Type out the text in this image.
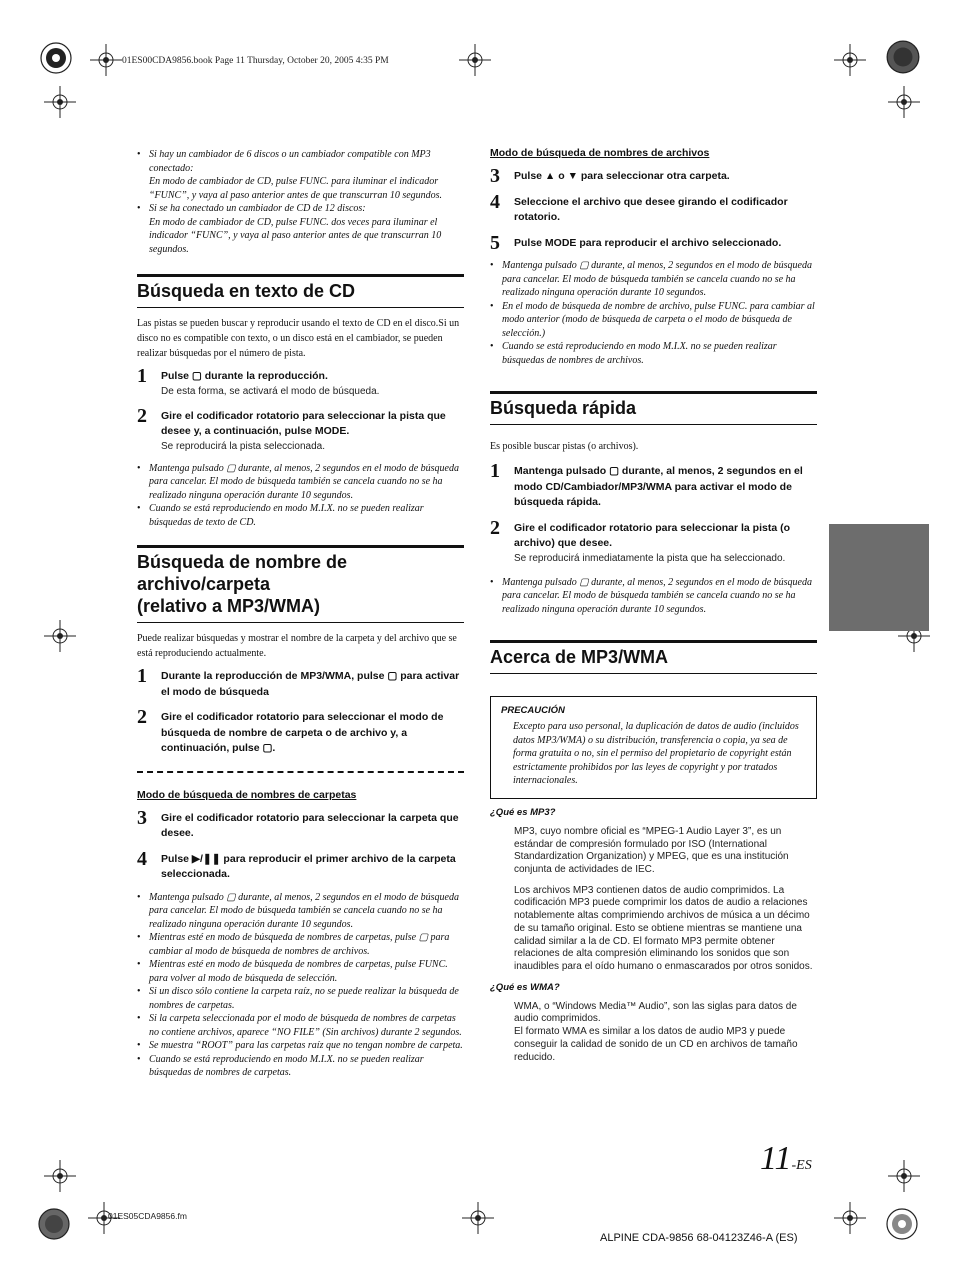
01ES00CDA9856.book Page 11 Thursday, October 20, 2005 4:35 PM

• Si hay un cambiador de 6 discos o un cambiador compatible con MP3 conectado:

En modo de cambiador de CD, pulse FUNC. para iluminar el indicador “FUNC”, y vaya al paso anterior antes de que transcurran 10 segundos.

• Si se ha conectado un cambiador de CD de 12 discos:

En modo de cambiador de CD, pulse FUNC. dos veces para iluminar el indicador “FUNC”, y vaya al paso anterior antes de que transcurran 10 segundos.

Búsqueda en texto de CD

Las pistas se pueden buscar y reproducir usando el texto de CD en el disco.Si un disco no es compatible con texto, o un disco está en el cambiador, se pueden realizar búsquedas por el número de pista.

1 Pulse ▢ durante la reproducción.
De esta forma, se activará el modo de búsqueda.
2 Gire el codificador rotatorio para seleccionar la pista que desee y, a continuación, pulse MODE.
Se reproducirá la pista seleccionada.

• Mantenga pulsado ▢ durante, al menos, 2 segundos en el modo de búsqueda para cancelar. El modo de búsqueda también se cancela cuando no se ha realizado ninguna operación durante 10 segundos.

• Cuando se está reproduciendo en modo M.I.X. no se pueden realizar búsquedas de texto de CD.

Búsqueda de nombre de archivo/carpeta
(relativo a MP3/WMA)

Puede realizar búsquedas y mostrar el nombre de la carpeta y del archivo que se está reproduciendo actualmente.

1 Durante la reproducción de MP3/WMA, pulse ▢ para activar el modo de búsqueda
2 Gire el codificador rotatorio para seleccionar el modo de búsqueda de nombre de carpeta o de archivo y, a continuación, pulse ▢.

Modo de búsqueda de nombres de carpetas

3 Gire el codificador rotatorio para seleccionar la carpeta que desee.
4 Pulse ▶/❚❚ para reproducir el primer archivo de la carpeta seleccionada.

• Mantenga pulsado ▢ durante, al menos, 2 segundos en el modo de búsqueda para cancelar. El modo de búsqueda también se cancela cuando no se ha realizado ninguna operación durante 10 segundos.

• Mientras esté en modo de búsqueda de nombres de carpetas, pulse ▢ para cambiar al modo de búsqueda de nombres de archivos.

• Mientras esté en modo de búsqueda de nombres de carpetas, pulse FUNC. para volver al modo de búsqueda de selección.

• Si un disco sólo contiene la carpeta raíz, no se puede realizar la búsqueda de nombres de carpetas.

• Si la carpeta seleccionada por el modo de búsqueda de nombres de carpetas no contiene archivos, aparece “NO FILE” (Sin archivos) durante 2 segundos.

• Se muestra “ROOT” para las carpetas raíz que no tengan nombre de carpeta.

• Cuando se está reproduciendo en modo M.I.X. no se pueden realizar búsquedas de nombres de carpetas.

Modo de búsqueda de nombres de archivos

3 Pulse ▲ o ▼ para seleccionar otra carpeta.
4 Seleccione el archivo que desee girando el codificador rotatorio.
5 Pulse MODE para reproducir el archivo seleccionado.

• Mantenga pulsado ▢ durante, al menos, 2 segundos en el modo de búsqueda para cancelar. El modo de búsqueda también se cancela cuando no se ha realizado ninguna operación durante 10 segundos.

• En el modo de búsqueda de nombre de archivo, pulse FUNC. para cambiar al modo anterior (modo de búsqueda de carpeta o el modo de búsqueda de selección.)

• Cuando se está reproduciendo en modo M.I.X. no se pueden realizar búsquedas de nombres de archivos.

Búsqueda rápida

Es posible buscar pistas (o archivos).

1 Mantenga pulsado ▢ durante, al menos, 2 segundos en el modo CD/Cambiador/MP3/WMA para activar el modo de búsqueda rápida.
2 Gire el codificador rotatorio para seleccionar la pista (o archivo) que desee.
Se reproducirá inmediatamente la pista que ha seleccionado.

• Mantenga pulsado ▢ durante, al menos, 2 segundos en el modo de búsqueda para cancelar. El modo de búsqueda también se cancela cuando no se ha realizado ninguna operación durante 10 segundos.

Acerca de MP3/WMA

PRECAUCIÓN

Excepto para uso personal, la duplicación de datos de audio (incluidos datos MP3/WMA) o su distribución, transferencia o copia, ya sea de forma gratuita o no, sin el permiso del propietario de copyright están estrictamente prohibidos por las leyes de copyright y por tratados internacionales.

¿Qué es MP3?

MP3, cuyo nombre oficial es “MPEG-1 Audio Layer 3”, es un estándar de compresión formulado por ISO (International Standardization Organization) y MPEG, que es una institución conjunta de actividades de IEC.

Los archivos MP3 contienen datos de audio comprimidos. La codificación MP3 puede comprimir los datos de audio a relaciones notablemente altas comprimiendo archivos de música a un décimo de su tamaño original. Esto se obtiene mientras se mantiene una calidad similar a la de CD. El formato MP3 permite obtener relaciones de alta compresión eliminando los sonidos que son inaudibles para el oído humano o enmascarados por otros sonidos.

¿Qué es WMA?

WMA, o “Windows Media™ Audio”, son las siglas para datos de audio comprimidos.

El formato WMA es similar a los datos de audio MP3 y puede conseguir la calidad de sonido de un CD en archivos de tamaño reducido.

11-ES
01ES05CDA9856.fm
ALPINE CDA-9856 68-04123Z46-A (ES)
